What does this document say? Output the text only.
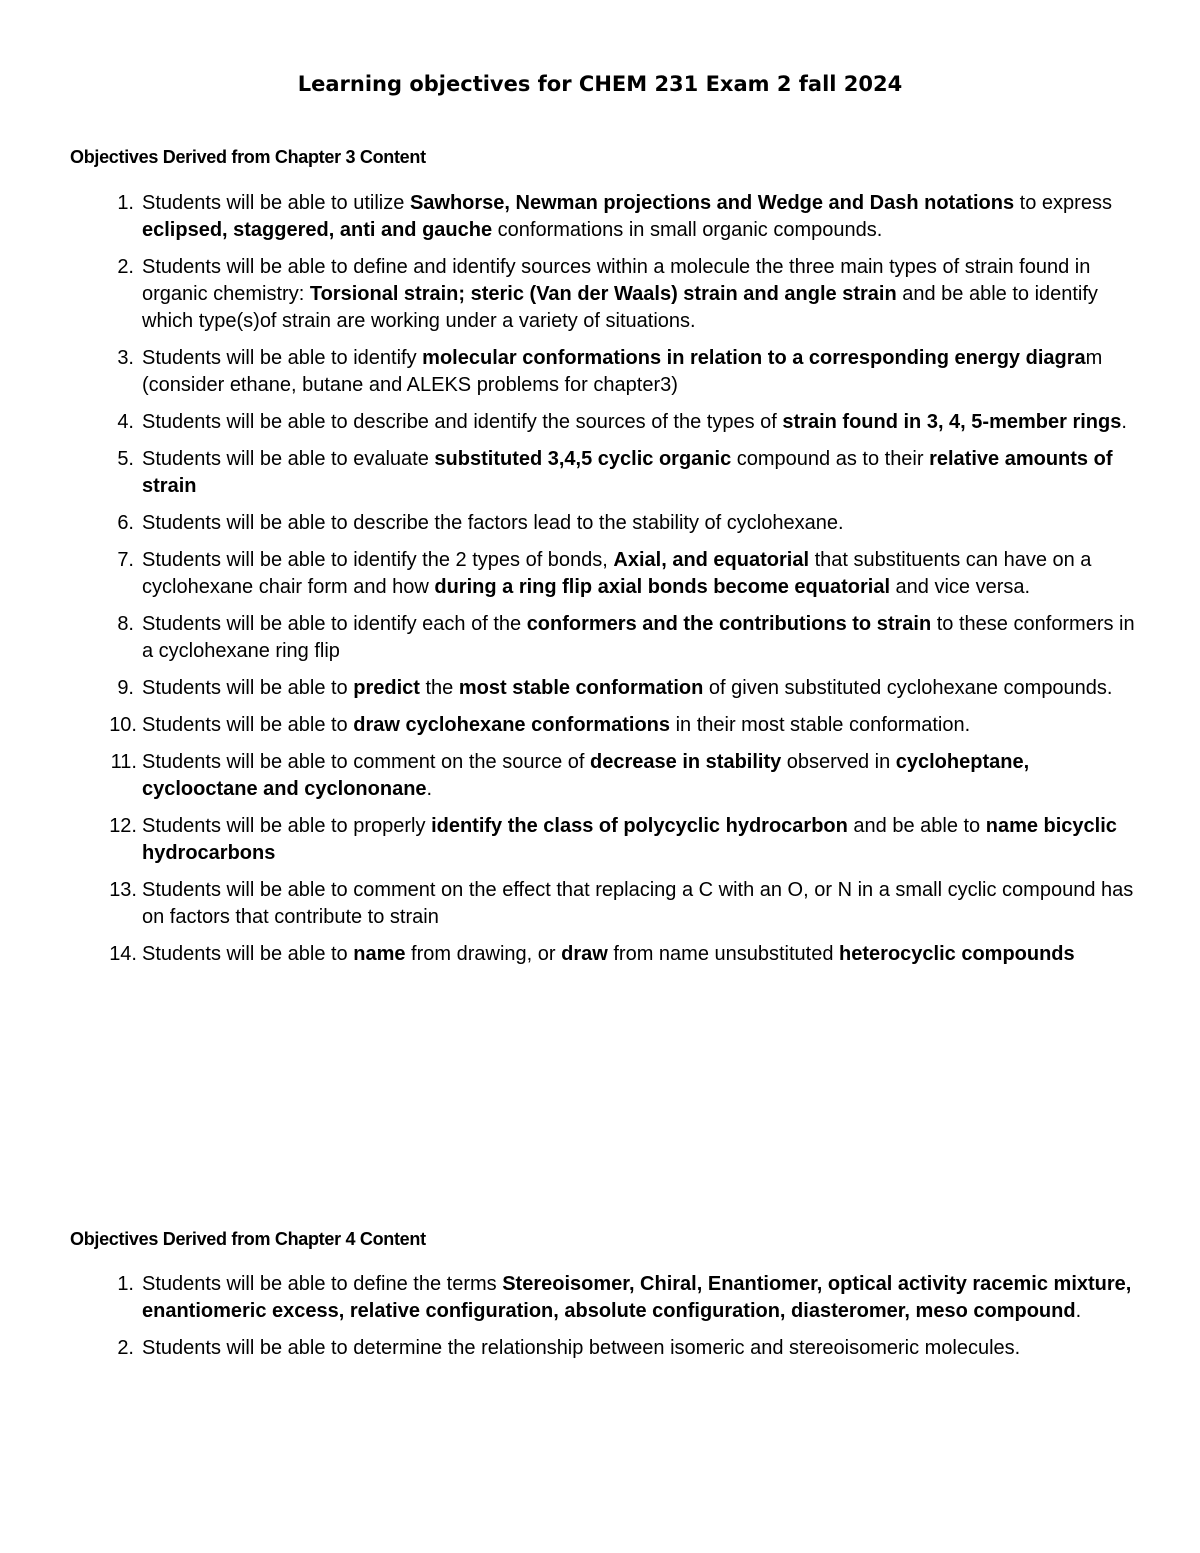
Learning objectives for CHEM 231 Exam 2 fall 2024
Objectives Derived from Chapter 3 Content
1. Students will be able to utilize Sawhorse, Newman projections and Wedge and Dash notations to express eclipsed, staggered, anti and gauche conformations in small organic compounds.
2. Students will be able to define and identify sources within a molecule the three main types of strain found in organic chemistry: Torsional strain; steric (Van der Waals) strain and angle strain and be able to identify which type(s)of strain are working under a variety of situations.
3. Students will be able to identify molecular conformations in relation to a corresponding energy diagram (consider ethane, butane and ALEKS problems for chapter3)
4. Students will be able to describe and identify the sources of the types of strain found in 3, 4, 5-member rings.
5. Students will be able to evaluate substituted 3,4,5 cyclic organic compound as to their relative amounts of strain
6. Students will be able to describe the factors lead to the stability of cyclohexane.
7. Students will be able to identify the 2 types of bonds, Axial, and equatorial that substituents can have on a cyclohexane chair form and how during a ring flip axial bonds become equatorial and vice versa.
8. Students will be able to identify each of the conformers and the contributions to strain to these conformers in a cyclohexane ring flip
9. Students will be able to predict the most stable conformation of given substituted cyclohexane compounds.
10. Students will be able to draw cyclohexane conformations in their most stable conformation.
11. Students will be able to comment on the source of decrease in stability observed in cycloheptane, cyclooctane and cyclononane.
12. Students will be able to properly identify the class of polycyclic hydrocarbon and be able to name bicyclic hydrocarbons
13. Students will be able to comment on the effect that replacing a C with an O, or N in a small cyclic compound has on factors that contribute to strain
14. Students will be able to name from drawing, or draw from name unsubstituted heterocyclic compounds
Objectives Derived from Chapter 4 Content
1. Students will be able to define the terms Stereoisomer, Chiral, Enantiomer, optical activity racemic mixture, enantiomeric excess, relative configuration, absolute configuration, diasteromer, meso compound.
2. Students will be able to determine the relationship between isomeric and stereoisomeric molecules.
